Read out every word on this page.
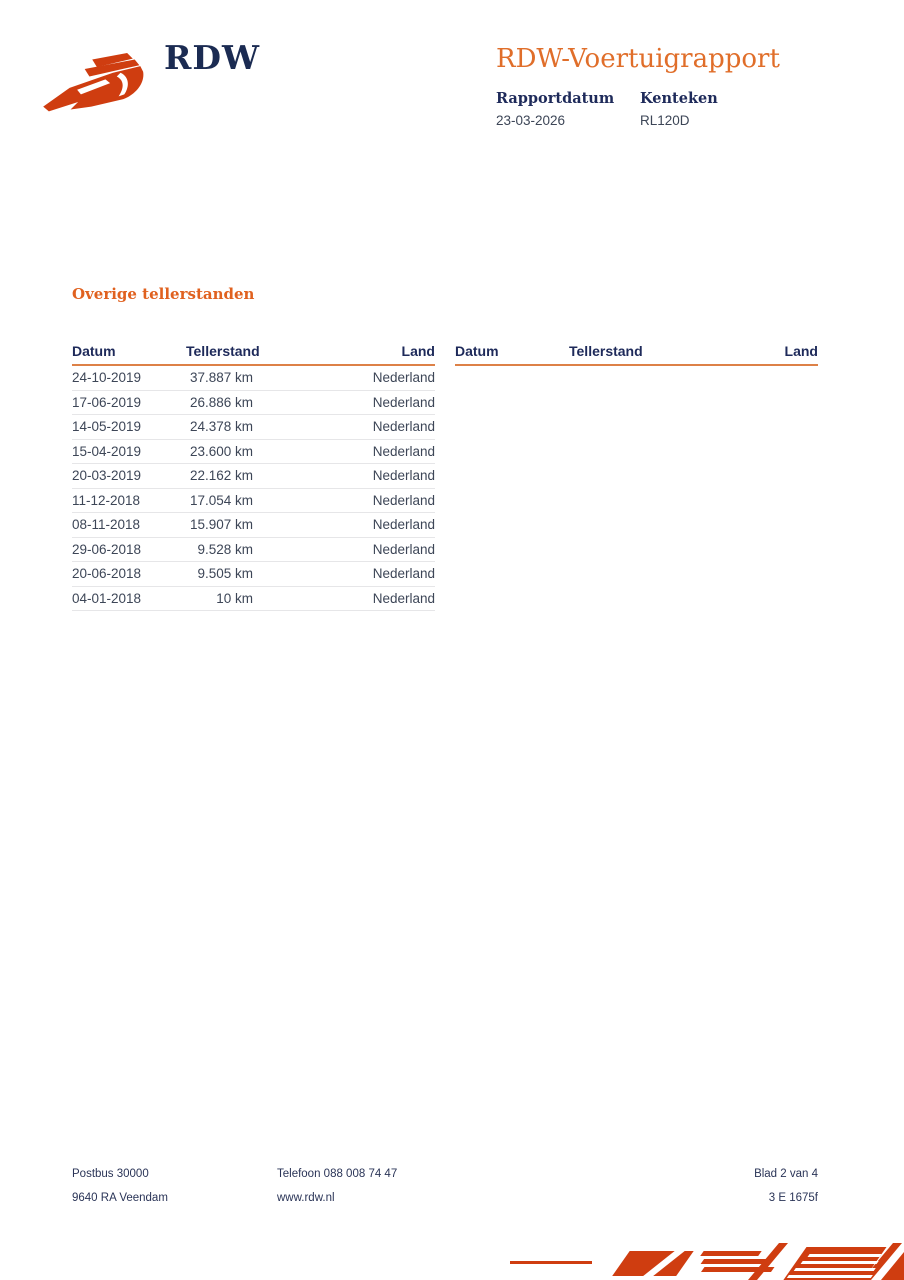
RDW	RDW-Voertuigrapport
Rapportdatum
23-03-2026
Kenteken
RL120D
Overige tellerstanden
Datum	Tellerstand	Land
24-10-2019	37.887 km	Nederland
17-06-2019	26.886 km	Nederland
14-05-2019	24.378 km	Nederland
15-04-2019	23.600 km	Nederland
20-03-2019	22.162 km	Nederland
11-12-2018	17.054 km	Nederland
08-11-2018	15.907 km	Nederland
29-06-2018	9.528 km	Nederland
20-06-2018	9.505 km	Nederland
04-01-2018	10 km	Nederland
Datum	Tellerstand	Land
Postbus 30000
9640 RA Veendam
Telefoon 088 008 74 47
www.rdw.nl
Blad 2 van 4
3 E 1675f
